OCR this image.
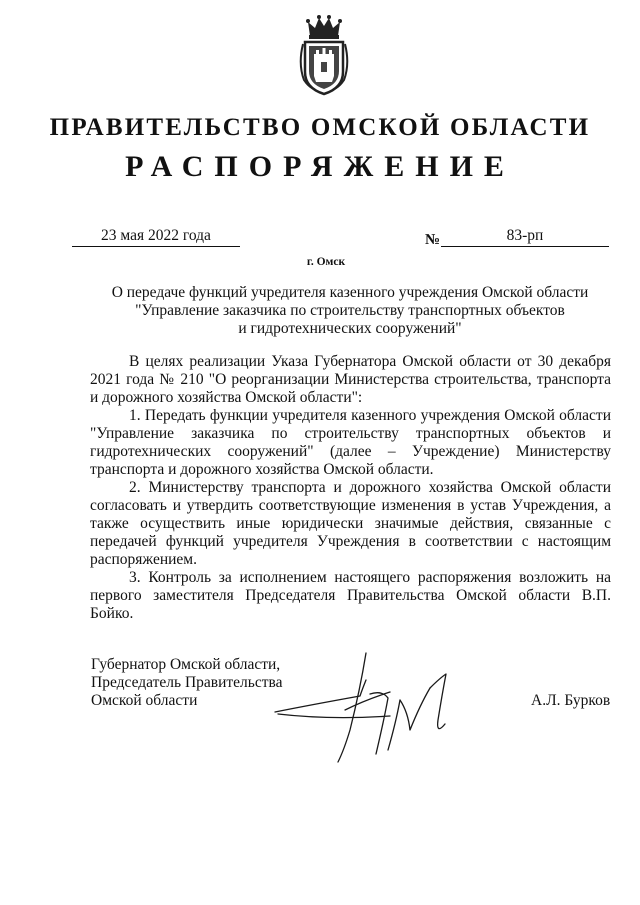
ПРАВИТЕЛЬСТВО ОМСКОЙ ОБЛАСТИ
РАСПОРЯЖЕНИЕ
23 мая 2022 года	№	83-рп
г. Омск
О передаче функций учредителя казенного учреждения Омской области
"Управление заказчика по строительству транспортных объектов
и гидротехнических сооружений"

В целях реализации Указа Губернатора Омской области от 30 декабря 2021 года № 210 "О реорганизации Министерства строительства, транспорта и дорожного хозяйства Омской области":

1. Передать функции учредителя казенного учреждения Омской области "Управление заказчика по строительству транспортных объектов и гидротехнических сооружений" (далее – Учреждение) Министерству транспорта и дорожного хозяйства Омской области.

2. Министерству транспорта и дорожного хозяйства Омской области согласовать и утвердить соответствующие изменения в устав Учреждения, а также осуществить иные юридически значимые действия, связанные с передачей функций учредителя Учреждения в соответствии с настоящим распоряжением.

3. Контроль за исполнением настоящего распоряжения возложить на первого заместителя Председателя Правительства Омской области В.П. Бойко.

Губернатор Омской области,
Председатель Правительства
Омской области	А.Л. Бурков
